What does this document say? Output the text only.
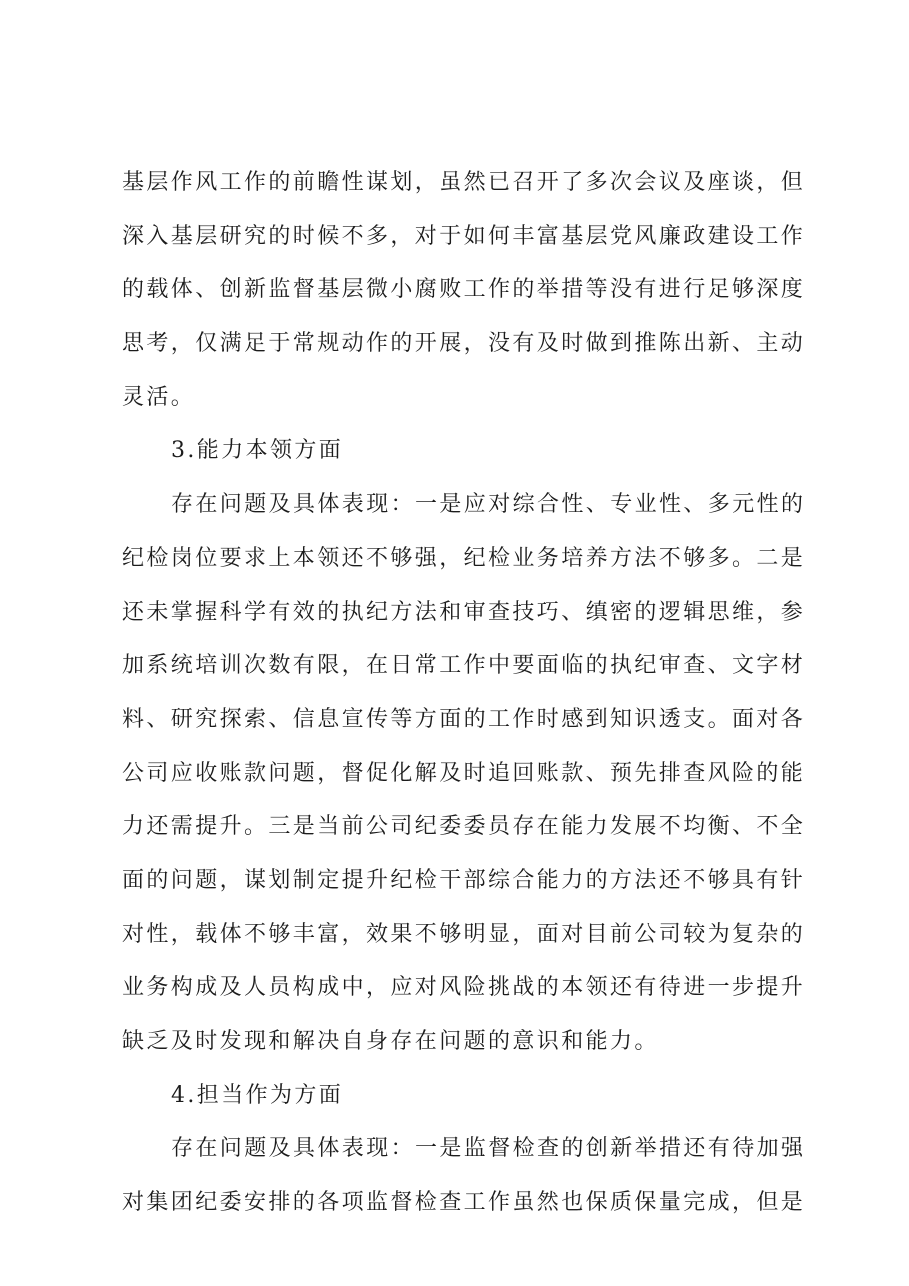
基层作风工作的前瞻性谋划，虽然已召开了多次会议及座谈，但
深入基层研究的时候不多，对于如何丰富基层党风廉政建设工作
的载体、创新监督基层微小腐败工作的举措等没有进行足够深度
思考，仅满足于常规动作的开展，没有及时做到推陈出新、主动
灵活。
3.能力本领方面
存在问题及具体表现：一是应对综合性、专业性、多元性的
纪检岗位要求上本领还不够强，纪检业务培养方法不够多。二是
还未掌握科学有效的执纪方法和审查技巧、缜密的逻辑思维，参
加系统培训次数有限，在日常工作中要面临的执纪审查、文字材
料、研究探索、信息宣传等方面的工作时感到知识透支。面对各
公司应收账款问题，督促化解及时追回账款、预先排查风险的能
力还需提升。三是当前公司纪委委员存在能力发展不均衡、不全
面的问题，谋划制定提升纪检干部综合能力的方法还不够具有针
对性，载体不够丰富，效果不够明显，面对目前公司较为复杂的
业务构成及人员构成中，应对风险挑战的本领还有待进一步提升
缺乏及时发现和解决自身存在问题的意识和能力。
4.担当作为方面
存在问题及具体表现：一是监督检查的创新举措还有待加强
对集团纪委安排的各项监督检查工作虽然也保质保量完成，但是
